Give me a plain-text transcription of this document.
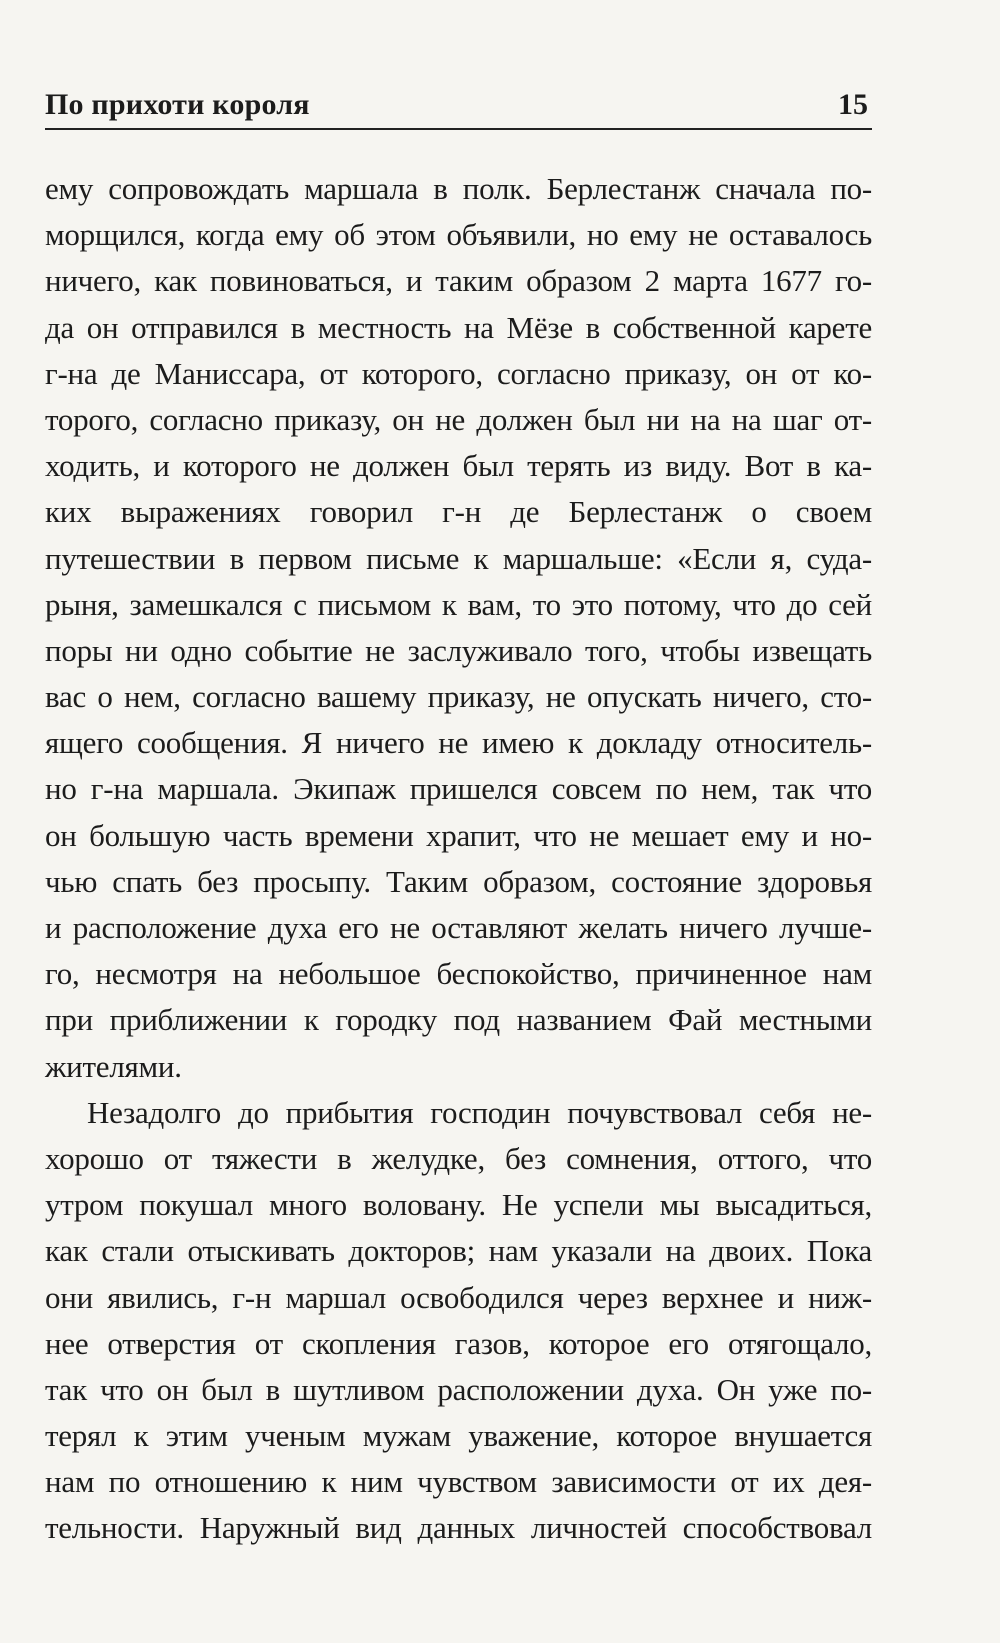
По прихоти короля	15
ему сопровождать маршала в полк. Берлестанж сначала по-
морщился, когда ему об этом объявили, но ему не оставалось
ничего, как повиноваться, и таким образом 2 марта 1677 го-
да он отправился в местность на Мёзе в собственной карете
г-на де Маниссара, от которого, согласно приказу, он от ко-
торого, согласно приказу, он не должен был ни на на шаг от-
ходить, и которого не должен был терять из виду. Вот в ка-
ких выражениях говорил г-н де Берлестанж о своем
путешествии в первом письме к маршальше: «Если я, суда-
рыня, замешкался с письмом к вам, то это потому, что до сей
поры ни одно событие не заслуживало того, чтобы извещать
вас о нем, согласно вашему приказу, не опускать ничего, сто-
ящего сообщения. Я ничего не имею к докладу относитель-
но г-на маршала. Экипаж пришелся совсем по нем, так что
он большую часть времени храпит, что не мешает ему и но-
чью спать без просыпу. Таким образом, состояние здоровья
и расположение духа его не оставляют желать ничего лучше-
го, несмотря на небольшое беспокойство, причиненное нам
при приближении к городку под названием Фай местными
жителями.
Незадолго до прибытия господин почувствовал себя не-
хорошо от тяжести в желудке, без сомнения, оттого, что
утром покушал много воловану. Не успели мы высадиться,
как стали отыскивать докторов; нам указали на двоих. Пока
они явились, г-н маршал освободился через верхнее и ниж-
нее отверстия от скопления газов, которое его отягощало,
так что он был в шутливом расположении духа. Он уже по-
терял к этим ученым мужам уважение, которое внушается
нам по отношению к ним чувством зависимости от их дея-
тельности. Наружный вид данных личностей способствовал
